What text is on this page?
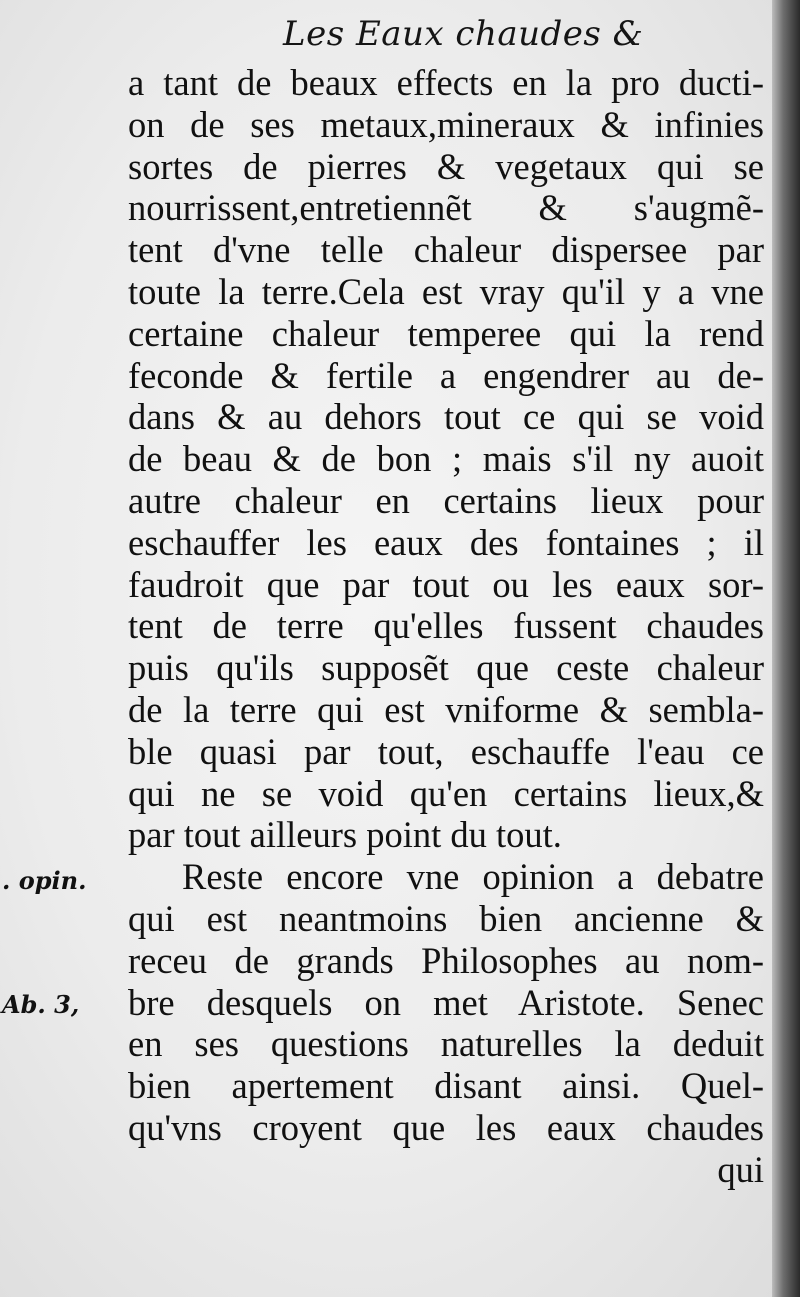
Les Eaux chaudes &
a tant de beaux effects en la pro ducti-
on de ses metaux,mineraux & infinies
sortes de pierres & vegetaux qui se
nourrissent,entretiennẽt & s'augmẽ-
tent d'vne telle chaleur dispersee par
toute la terre.Cela est vray qu'il y a vne
certaine chaleur temperee qui la rend
feconde & fertile a engendrer au de-
dans & au dehors tout ce qui se void
de beau & de bon ; mais s'il ny auoit
autre chaleur en certains lieux pour
eschauffer les eaux des fontaines ; il
faudroit que par tout ou les eaux sor-
tent de terre qu'elles fussent chaudes
puis qu'ils supposẽt que ceste chaleur
de la terre qui est vniforme & sembla-
ble quasi par tout, eschauffe l'eau ce
qui ne se void qu'en certains lieux,&
par tout ailleurs point du tout.
Reste encore vne opinion a debatre
qui est neantmoins bien ancienne &
receu de grands Philosophes au nom-
bre desquels on met Aristote. Senec
en ses questions naturelles la deduit
bien apertement disant ainsi. Quel-
qu'vns croyent que les eaux chaudes
qui
. opin.
Ab. 3,
